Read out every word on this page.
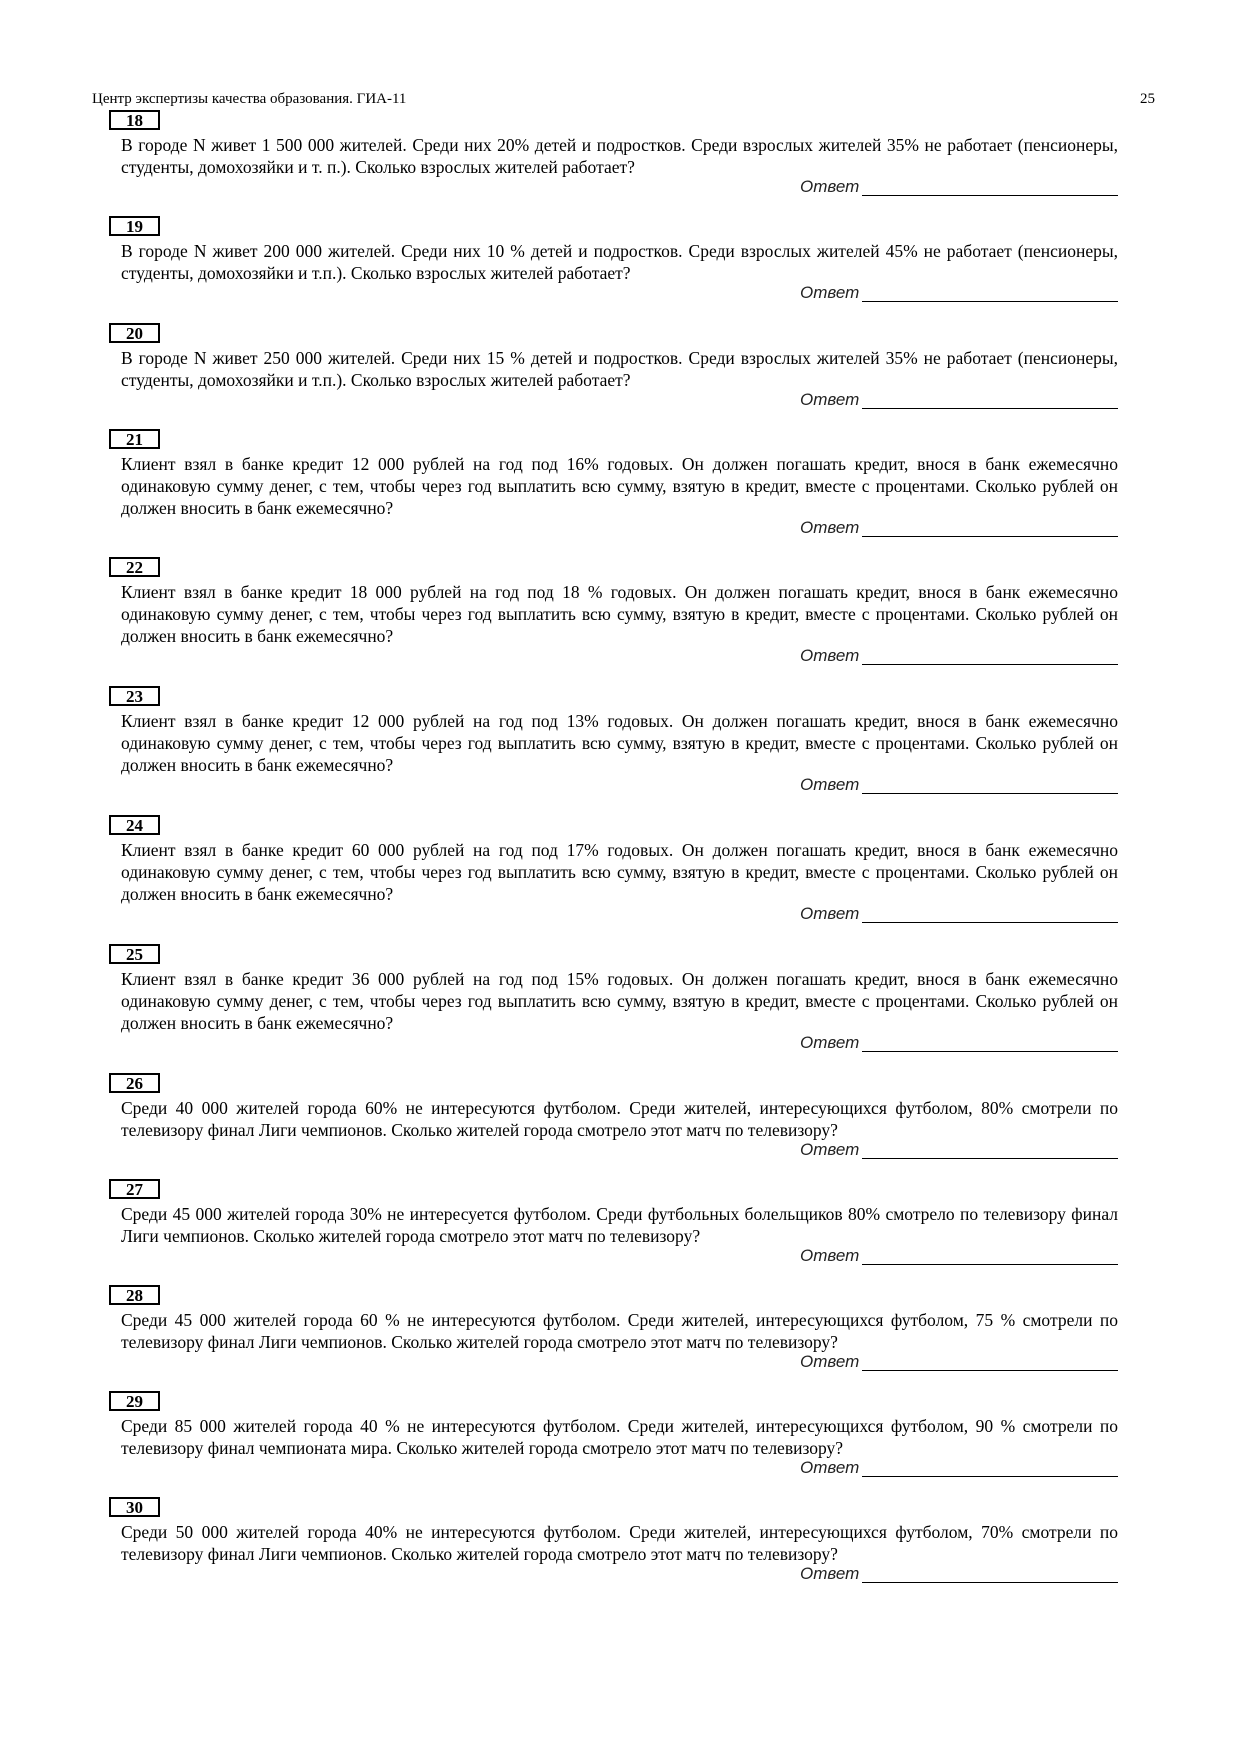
Центр экспертизы качества образования. ГИА-11	25
18
В городе N живет 1 500 000 жителей. Среди них 20% детей и подростков. Среди взрослых жителей 35% не работает (пенсионеры, студенты, домохозяйки и т. п.). Сколько взрослых жителей работает?
Ответ
19
В городе N живет 200 000 жителей. Среди них 10 % детей и подростков. Среди взрослых жителей 45% не работает (пенсионеры, студенты, домохозяйки и т.п.). Сколько взрослых жителей работает?
Ответ
20
В городе N живет 250 000 жителей. Среди них 15 % детей и подростков. Среди взрослых жителей 35% не работает (пенсионеры, студенты, домохозяйки и т.п.). Сколько взрослых жителей работает?
Ответ
21
Клиент взял в банке кредит 12 000 рублей на год под 16% годовых. Он должен погашать кредит, внося в банк ежемесячно одинаковую сумму денег, с тем, чтобы через год выплатить всю сумму, взятую в кредит, вместе с процентами. Сколько рублей он должен вносить в банк ежемесячно?
Ответ
22
Клиент взял в банке кредит 18 000 рублей на год под 18 % годовых. Он должен погашать кредит, внося в банк ежемесячно одинаковую сумму денег, с тем, чтобы через год выплатить всю сумму, взятую в кредит, вместе с процентами. Сколько рублей он должен вносить в банк ежемесячно?
Ответ
23
Клиент взял в банке кредит 12 000 рублей на год под 13% годовых. Он должен погашать кредит, внося в банк ежемесячно одинаковую сумму денег, с тем, чтобы через год выплатить всю сумму, взятую в кредит, вместе с процентами. Сколько рублей он должен вносить в банк ежемесячно?
Ответ
24
Клиент взял в банке кредит 60 000 рублей на год под 17% годовых. Он должен погашать кредит, внося в банк ежемесячно одинаковую сумму денег, с тем, чтобы через год выплатить всю сумму, взятую в кредит, вместе с процентами. Сколько рублей он должен вносить в банк ежемесячно?
Ответ
25
Клиент взял в банке кредит 36 000 рублей на год под 15% годовых. Он должен погашать кредит, внося в банк ежемесячно одинаковую сумму денег, с тем, чтобы через год выплатить всю сумму, взятую в кредит, вместе с процентами. Сколько рублей он должен вносить в банк ежемесячно?
Ответ
26
Среди 40 000 жителей города 60% не интересуются футболом. Среди жителей, интересующихся футболом, 80% смотрели по телевизору финал Лиги чемпионов. Сколько жителей города смотрело этот матч по телевизору?
Ответ
27
Среди 45 000 жителей города 30% не интересуется футболом. Среди футбольных болельщиков 80% смотрело по телевизору финал Лиги чемпионов. Сколько жителей города смотрело этот матч по телевизору?
Ответ
28
Среди 45 000 жителей города 60 % не интересуются футболом. Среди жителей, интересующихся футболом, 75 % смотрели по телевизору финал Лиги чемпионов. Сколько жителей города смотрело этот матч по телевизору?
Ответ
29
Среди 85 000 жителей города 40 % не интересуются футболом. Среди жителей, интересующихся футболом, 90 % смотрели по телевизору финал чемпионата мира. Сколько жителей города смотрело этот матч по телевизору?
Ответ
30
Среди 50 000 жителей города 40% не интересуются футболом. Среди жителей, интересующихся футболом, 70% смотрели по телевизору финал Лиги чемпионов. Сколько жителей города смотрело этот матч по телевизору?
Ответ
